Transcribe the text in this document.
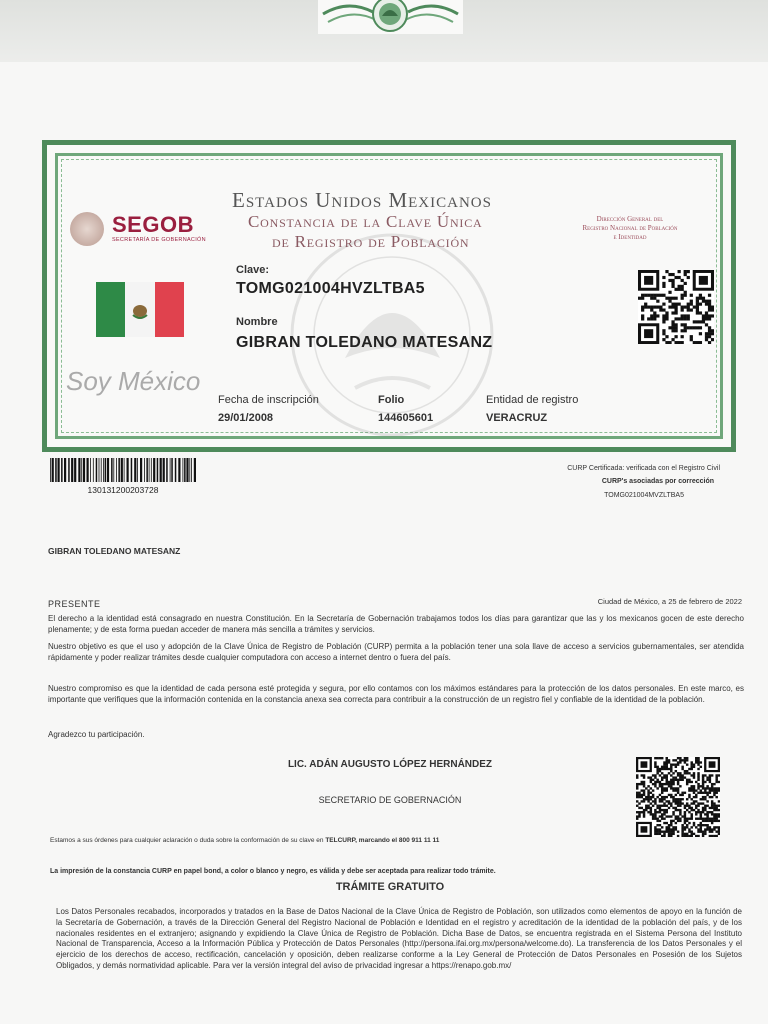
SEGOB
SECRETARÍA DE GOBERNACIÓN
Estados Unidos Mexicanos
Constancia de la Clave Única
de Registro de Población
Dirección General del
Registro Nacional de Población
e Identidad
Clave:
TOMG021004HVZLTBA5
Nombre
GIBRAN TOLEDANO MATESANZ
Soy México
Fecha de inscripción
29/01/2008
Folio
144605601
Entidad de registro
VERACRUZ
130131200203728
CURP Certificada: verificada con el Registro Civil
CURP's asociadas por corrección
TOMG021004MVZLTBA5
GIBRAN TOLEDANO MATESANZ
PRESENTE	Ciudad de México, a 25 de febrero de 2022
El derecho a la identidad está consagrado en nuestra Constitución. En la Secretaría de Gobernación trabajamos todos los días para garantizar que las y los mexicanos gocen de este derecho plenamente; y de esta forma puedan acceder de manera más sencilla a trámites y servicios.
Nuestro objetivo es que el uso y adopción de la Clave Única de Registro de Población (CURP) permita a la población tener una sola llave de acceso a servicios gubernamentales, ser atendida rápidamente y poder realizar trámites desde cualquier computadora con acceso a internet dentro o fuera del país.
Nuestro compromiso es que la identidad de cada persona esté protegida y segura, por ello contamos con los máximos estándares para la protección de los datos personales. En este marco, es importante que verifiques que la información contenida en la constancia anexa sea correcta para contribuir a la construcción de un registro fiel y confiable de la identidad de la población.
Agradezco tu participación.
LIC. ADÁN AUGUSTO LÓPEZ HERNÁNDEZ
SECRETARIO DE GOBERNACIÓN
Estamos a sus órdenes para cualquier aclaración o duda sobre la conformación de su clave en TELCURP, marcando el 800 911 11 11
La impresión de la constancia CURP en papel bond, a color o blanco y negro, es válida y debe ser aceptada para realizar todo trámite.
TRÁMITE GRATUITO
Los Datos Personales recabados, incorporados y tratados en la Base de Datos Nacional de la Clave Única de Registro de Población, son utilizados como elementos de apoyo en la función de la Secretaría de Gobernación, a través de la Dirección General del Registro Nacional de Población e Identidad en el registro y acreditación de la identidad de la población del país, y de los nacionales residentes en el extranjero; asignando y expidiendo la Clave Única de Registro de Población. Dicha Base de Datos, se encuentra registrada en el Sistema Persona del Instituto Nacional de Transparencia, Acceso a la Información Pública y Protección de Datos Personales (http://persona.ifai.org.mx/persona/welcome.do). La transferencia de los Datos Personales y el ejercicio de los derechos de acceso, rectificación, cancelación y oposición, deben realizarse conforme a la Ley General de Protección de Datos Personales en Posesión de los Sujetos Obligados, y demás normatividad aplicable. Para ver la versión integral del aviso de privacidad ingresar a https://renapo.gob.mx/
